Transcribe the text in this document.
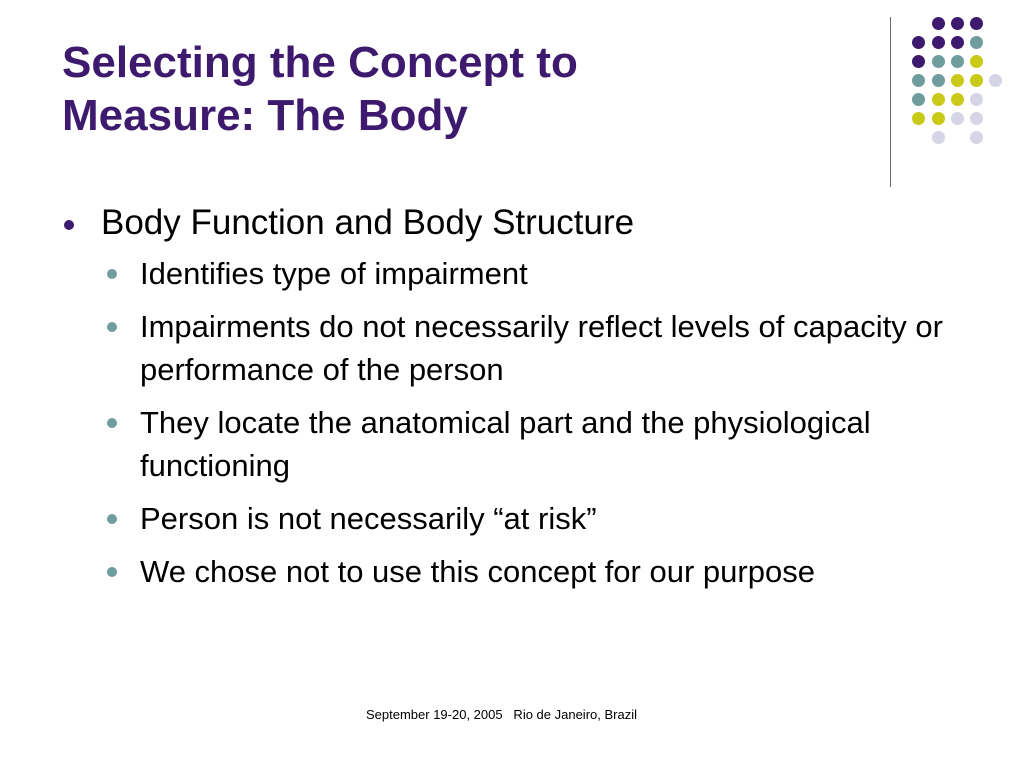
Selecting the Concept to
Measure: The Body
Body Function and Body Structure
Identifies type of impairment
Impairments do not necessarily reflect levels of capacity or performance of the person
They locate the anatomical part and the physiological functioning
Person is not necessarily “at risk”
We chose not to use this concept for our purpose
September 19-20, 2005   Rio de Janeiro, Brazil
